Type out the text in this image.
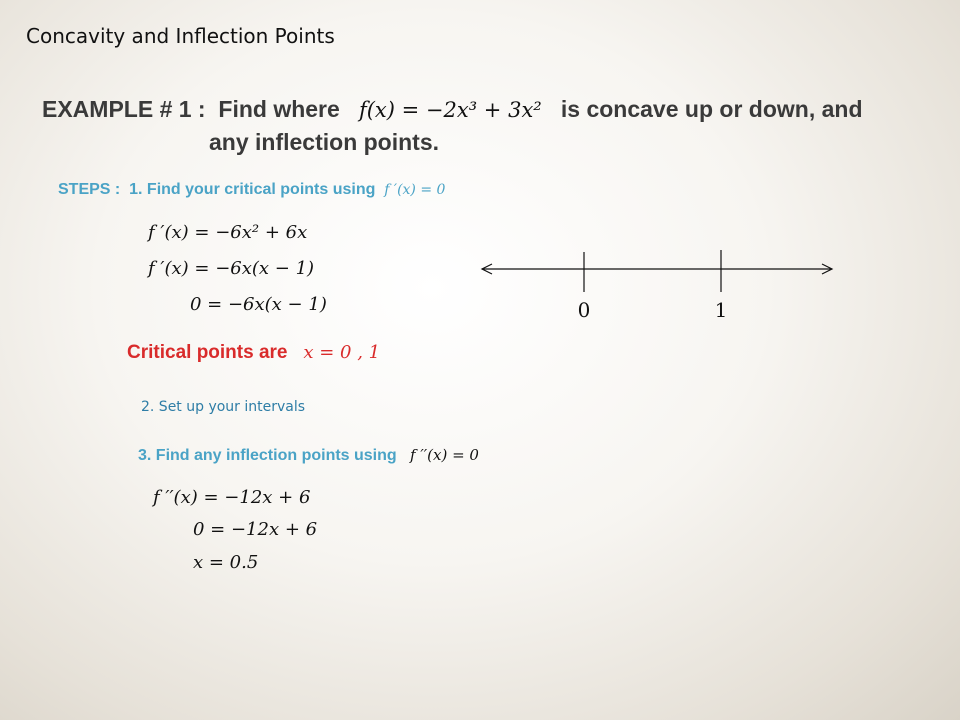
Concavity and Inflection Points
EXAMPLE # 1 : Find where f(x) = −2x³ + 3x² is concave up or down, and
any inflection points.
STEPS : 1. Find your critical points using f ′(x) = 0
f ′(x) = −6x² + 6x
f ′(x) = −6x(x − 1)
0 = −6x(x − 1)	0	1
Critical points are x = 0 , 1
2. Set up your intervals
3. Find any inflection points using f ′′(x) = 0
f ′′(x) = −12x + 6
0 = −12x + 6
x = 0.5
